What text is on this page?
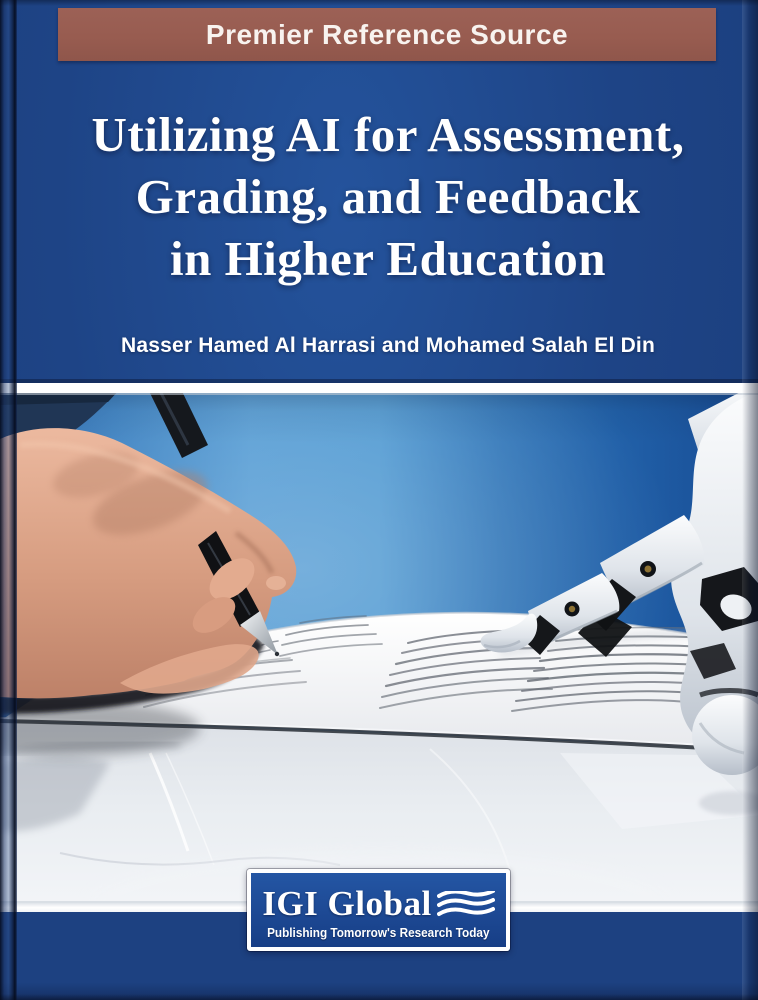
Premier Reference Source
Utilizing AI for Assessment,
Grading, and Feedback
in Higher Education
Nasser Hamed Al Harrasi and Mohamed Salah El Din
IGI Global
Publishing Tomorrow's Research Today
